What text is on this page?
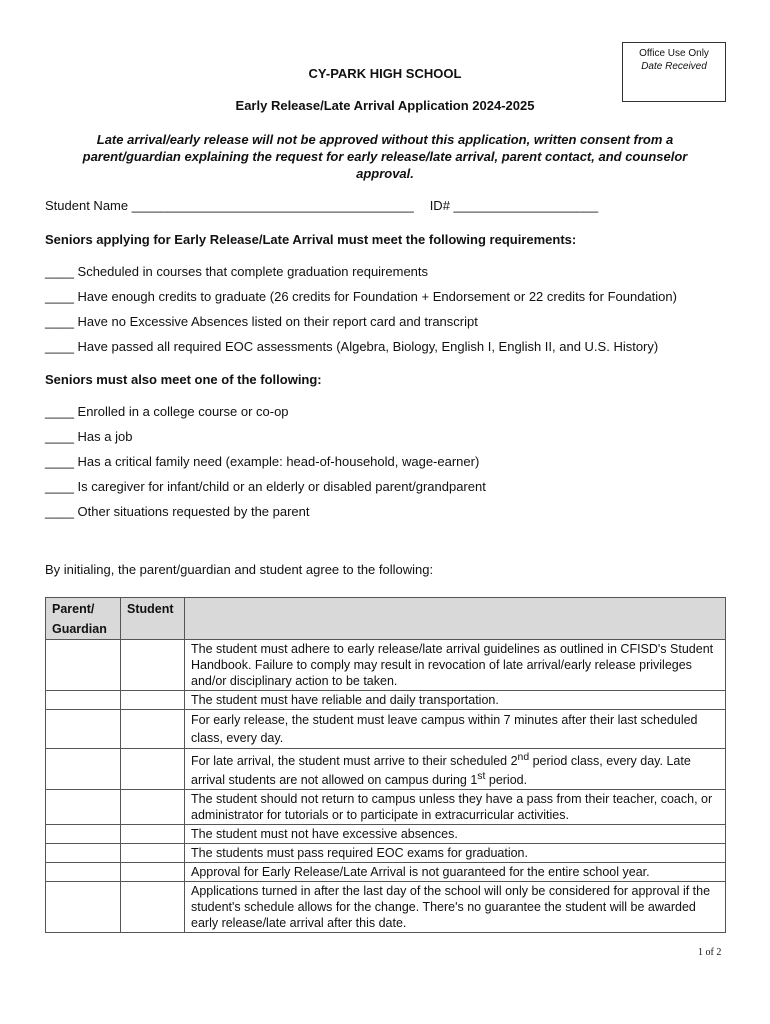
Office Use Only
Date Received
CY-PARK HIGH SCHOOL
Early Release/Late Arrival Application 2024-2025
Late arrival/early release will not be approved without this application, written consent from a parent/guardian explaining the request for early release/late arrival, parent contact, and counselor approval.
Student Name _______________________________________ ID# ____________________
Seniors applying for Early Release/Late Arrival must meet the following requirements:
____ Scheduled in courses that complete graduation requirements
____ Have enough credits to graduate (26 credits for Foundation + Endorsement or 22 credits for Foundation)
____ Have no Excessive Absences listed on their report card and transcript
____ Have passed all required EOC assessments (Algebra, Biology, English I, English II, and U.S. History)
Seniors must also meet one of the following:
____ Enrolled in a college course or co-op
____ Has a job
____ Has a critical family need (example: head-of-household, wage-earner)
____ Is caregiver for infant/child or an elderly or disabled parent/grandparent
____ Other situations requested by the parent
By initialing, the parent/guardian and student agree to the following:
Parent/
Guardian	Student	
		The student must adhere to early release/late arrival guidelines as outlined in CFISD's Student Handbook. Failure to comply may result in revocation of late arrival/early release privileges and/or disciplinary action to be taken.
		The student must have reliable and daily transportation.
		For early release, the student must leave campus within 7 minutes after their last scheduled class, every day.
		For late arrival, the student must arrive to their scheduled 2nd period class, every day. Late arrival students are not allowed on campus during 1st period.
		The student should not return to campus unless they have a pass from their teacher, coach, or administrator for tutorials or to participate in extracurricular activities.
		The student must not have excessive absences.
		The students must pass required EOC exams for graduation.
		Approval for Early Release/Late Arrival is not guaranteed for the entire school year.
		Applications turned in after the last day of the school will only be considered for approval if the student's schedule allows for the change. There's no guarantee the student will be awarded early release/late arrival after this date.
1 of 2
